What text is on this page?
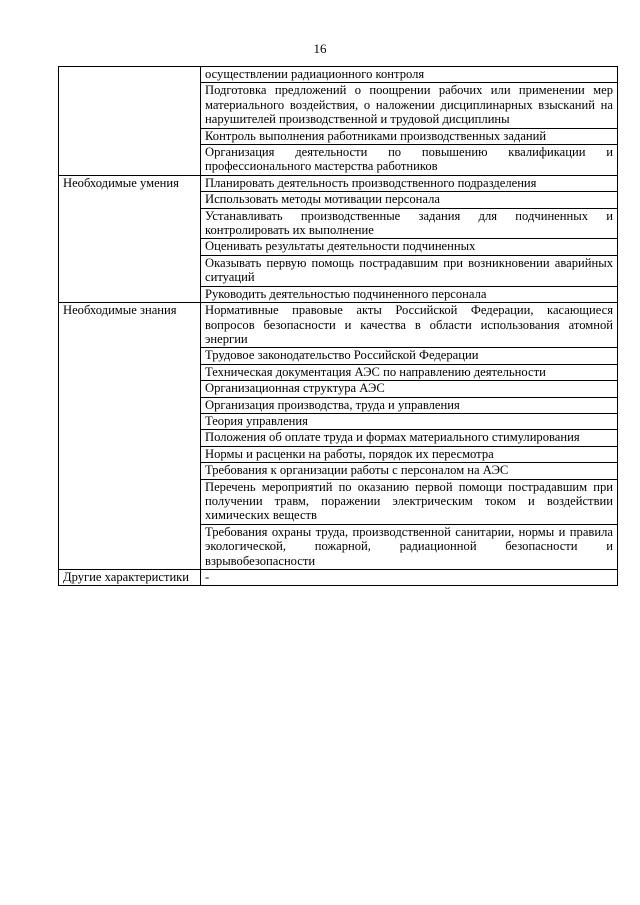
16
	осуществлении радиационного контроля
	Подготовка предложений о поощрении рабочих или применении мер материального воздействия, о наложении дисциплинарных взысканий на нарушителей производственной и трудовой дисциплины
	Контроль выполнения работниками производственных заданий
	Организация деятельности по повышению квалификации и профессионального мастерства работников
Необходимые умения	Планировать деятельность производственного подразделения
	Использовать методы мотивации персонала
	Устанавливать производственные задания для подчиненных и контролировать их выполнение
	Оценивать результаты деятельности подчиненных
	Оказывать первую помощь пострадавшим при возникновении аварийных ситуаций
	Руководить деятельностью подчиненного персонала
Необходимые знания	Нормативные правовые акты Российской Федерации, касающиеся вопросов безопасности и качества в области использования атомной энергии
	Трудовое законодательство Российской Федерации
	Техническая документация АЭС по направлению деятельности
	Организационная структура АЭС
	Организация производства, труда и управления
	Теория управления
	Положения об оплате труда и формах материального стимулирования
	Нормы и расценки на работы, порядок их пересмотра
	Требования к организации работы с персоналом на АЭС
	Перечень мероприятий по оказанию первой помощи пострадавшим при получении травм, поражении электрическим током и воздействии химических веществ
	Требования охраны труда, производственной санитарии, нормы и правила экологической, пожарной, радиационной безопасности и взрывобезопасности
Другие характеристики	-
